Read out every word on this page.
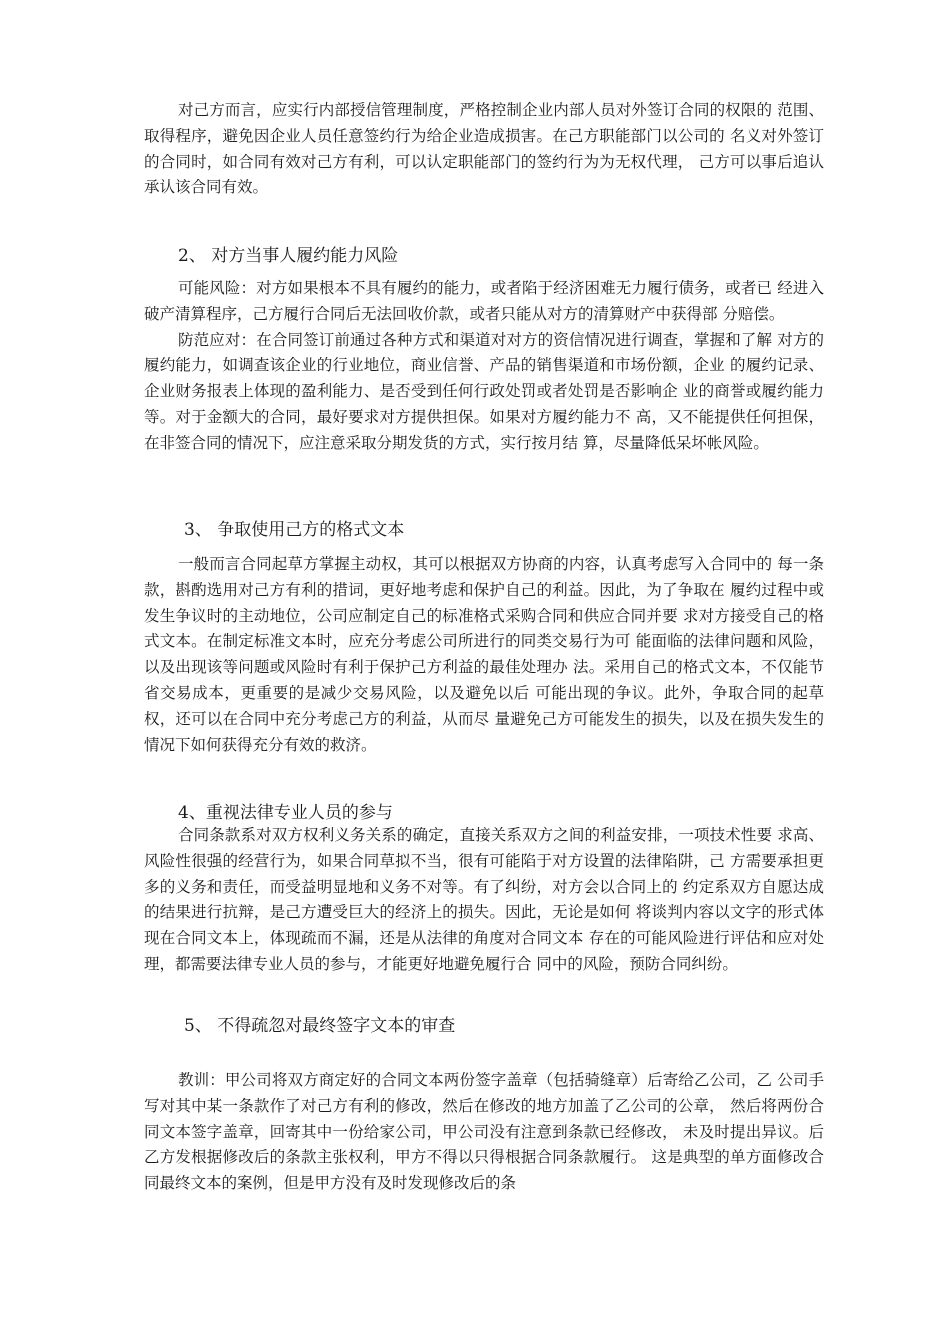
对己方而言，应实行内部授信管理制度，严格控制企业内部人员对外签订合同的权限的 范围、取得程序，避免因企业人员任意签约行为给企业造成损害。在己方职能部门以公司的 名义对外签订的合同时，如合同有效对己方有利，可以认定职能部门的签约行为为无权代理， 己方可以事后追认承认该合同有效。

2、 对方当事人履约能力风险

可能风险：对方如果根本不具有履约的能力，或者陷于经济困难无力履行债务，或者已 经进入破产清算程序，己方履行合同后无法回收价款，或者只能从对方的清算财产中获得部 分赔偿。

防范应对：在合同签订前通过各种方式和渠道对对方的资信情况进行调查，掌握和了解 对方的履约能力，如调查该企业的行业地位，商业信誉、产品的销售渠道和市场份额，企业 的履约记录、企业财务报表上体现的盈利能力、是否受到任何行政处罚或者处罚是否影响企 业的商誉或履约能力等。对于金额大的合同，最好要求对方提供担保。如果对方履约能力不 高，又不能提供任何担保，在非签合同的情况下，应注意采取分期发货的方式，实行按月结 算，尽量降低呆坏帐风险。

3、 争取使用己方的格式文本

一般而言合同起草方掌握主动权，其可以根据双方协商的内容，认真考虑写入合同中的 每一条款，斟酌选用对己方有利的措词，更好地考虑和保护自己的利益。因此，为了争取在 履约过程中或发生争议时的主动地位，公司应制定自己的标准格式采购合同和供应合同并要 求对方接受自己的格式文本。在制定标准文本时，应充分考虑公司所进行的同类交易行为可 能面临的法律问题和风险，以及出现该等问题或风险时有利于保护己方利益的最佳处理办 法。采用自己的格式文本，不仅能节省交易成本，更重要的是减少交易风险，以及避免以后 可能出现的争议。此外，争取合同的起草权，还可以在合同中充分考虑己方的利益，从而尽 量避免己方可能发生的损失，以及在损失发生的情况下如何获得充分有效的救济。

4、重视法律专业人员的参与

合同条款系对双方权利义务关系的确定，直接关系双方之间的利益安排，一项技术性要 求高、风险性很强的经营行为，如果合同草拟不当，很有可能陷于对方设置的法律陷阱，己 方需要承担更多的义务和责任，而受益明显地和义务不对等。有了纠纷，对方会以合同上的 约定系双方自愿达成的结果进行抗辩，是己方遭受巨大的经济上的损失。因此，无论是如何 将谈判内容以文字的形式体现在合同文本上，体现疏而不漏，还是从法律的角度对合同文本 存在的可能风险进行评估和应对处理，都需要法律专业人员的参与，才能更好地避免履行合 同中的风险，预防合同纠纷。

5、 不得疏忽对最终签字文本的审查

教训：甲公司将双方商定好的合同文本两份签字盖章（包括骑缝章）后寄给乙公司，乙 公司手写对其中某一条款作了对己方有利的修改，然后在修改的地方加盖了乙公司的公章， 然后将两份合同文本签字盖章，回寄其中一份给家公司，甲公司没有注意到条款已经修改， 未及时提出异议。后乙方发根据修改后的条款主张权利，甲方不得以只得根据合同条款履行。 这是典型的单方面修改合同最终文本的案例，但是甲方没有及时发现修改后的条
